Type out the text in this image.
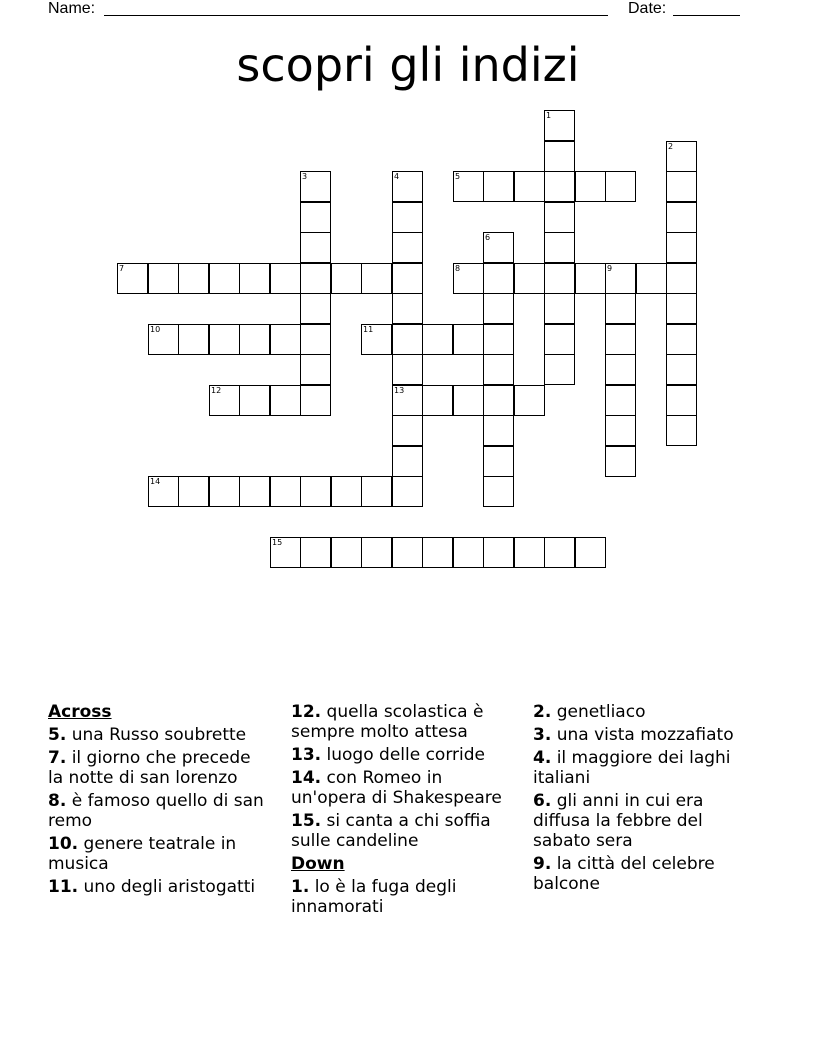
Name:	Date:
scopri gli indizi
1
2
3	4
13
5
6
7	8	9
10	11
12
14
15
Across
5. una Russo soubrette
7. il giorno che precede la notte di san lorenzo
8. è famoso quello di san remo
10. genere teatrale in musica
11. uno degli aristogatti
12. quella scolastica è sempre molto attesa
13. luogo delle corride
14. con Romeo in un'opera di Shakespeare
15. si canta a chi soffia sulle candeline
Down
1. lo è la fuga degli innamorati
2. genetliaco
3. una vista mozzafiato
4. il maggiore dei laghi italiani
6. gli anni in cui era diffusa la febbre del sabato sera
9. la città del celebre balcone
